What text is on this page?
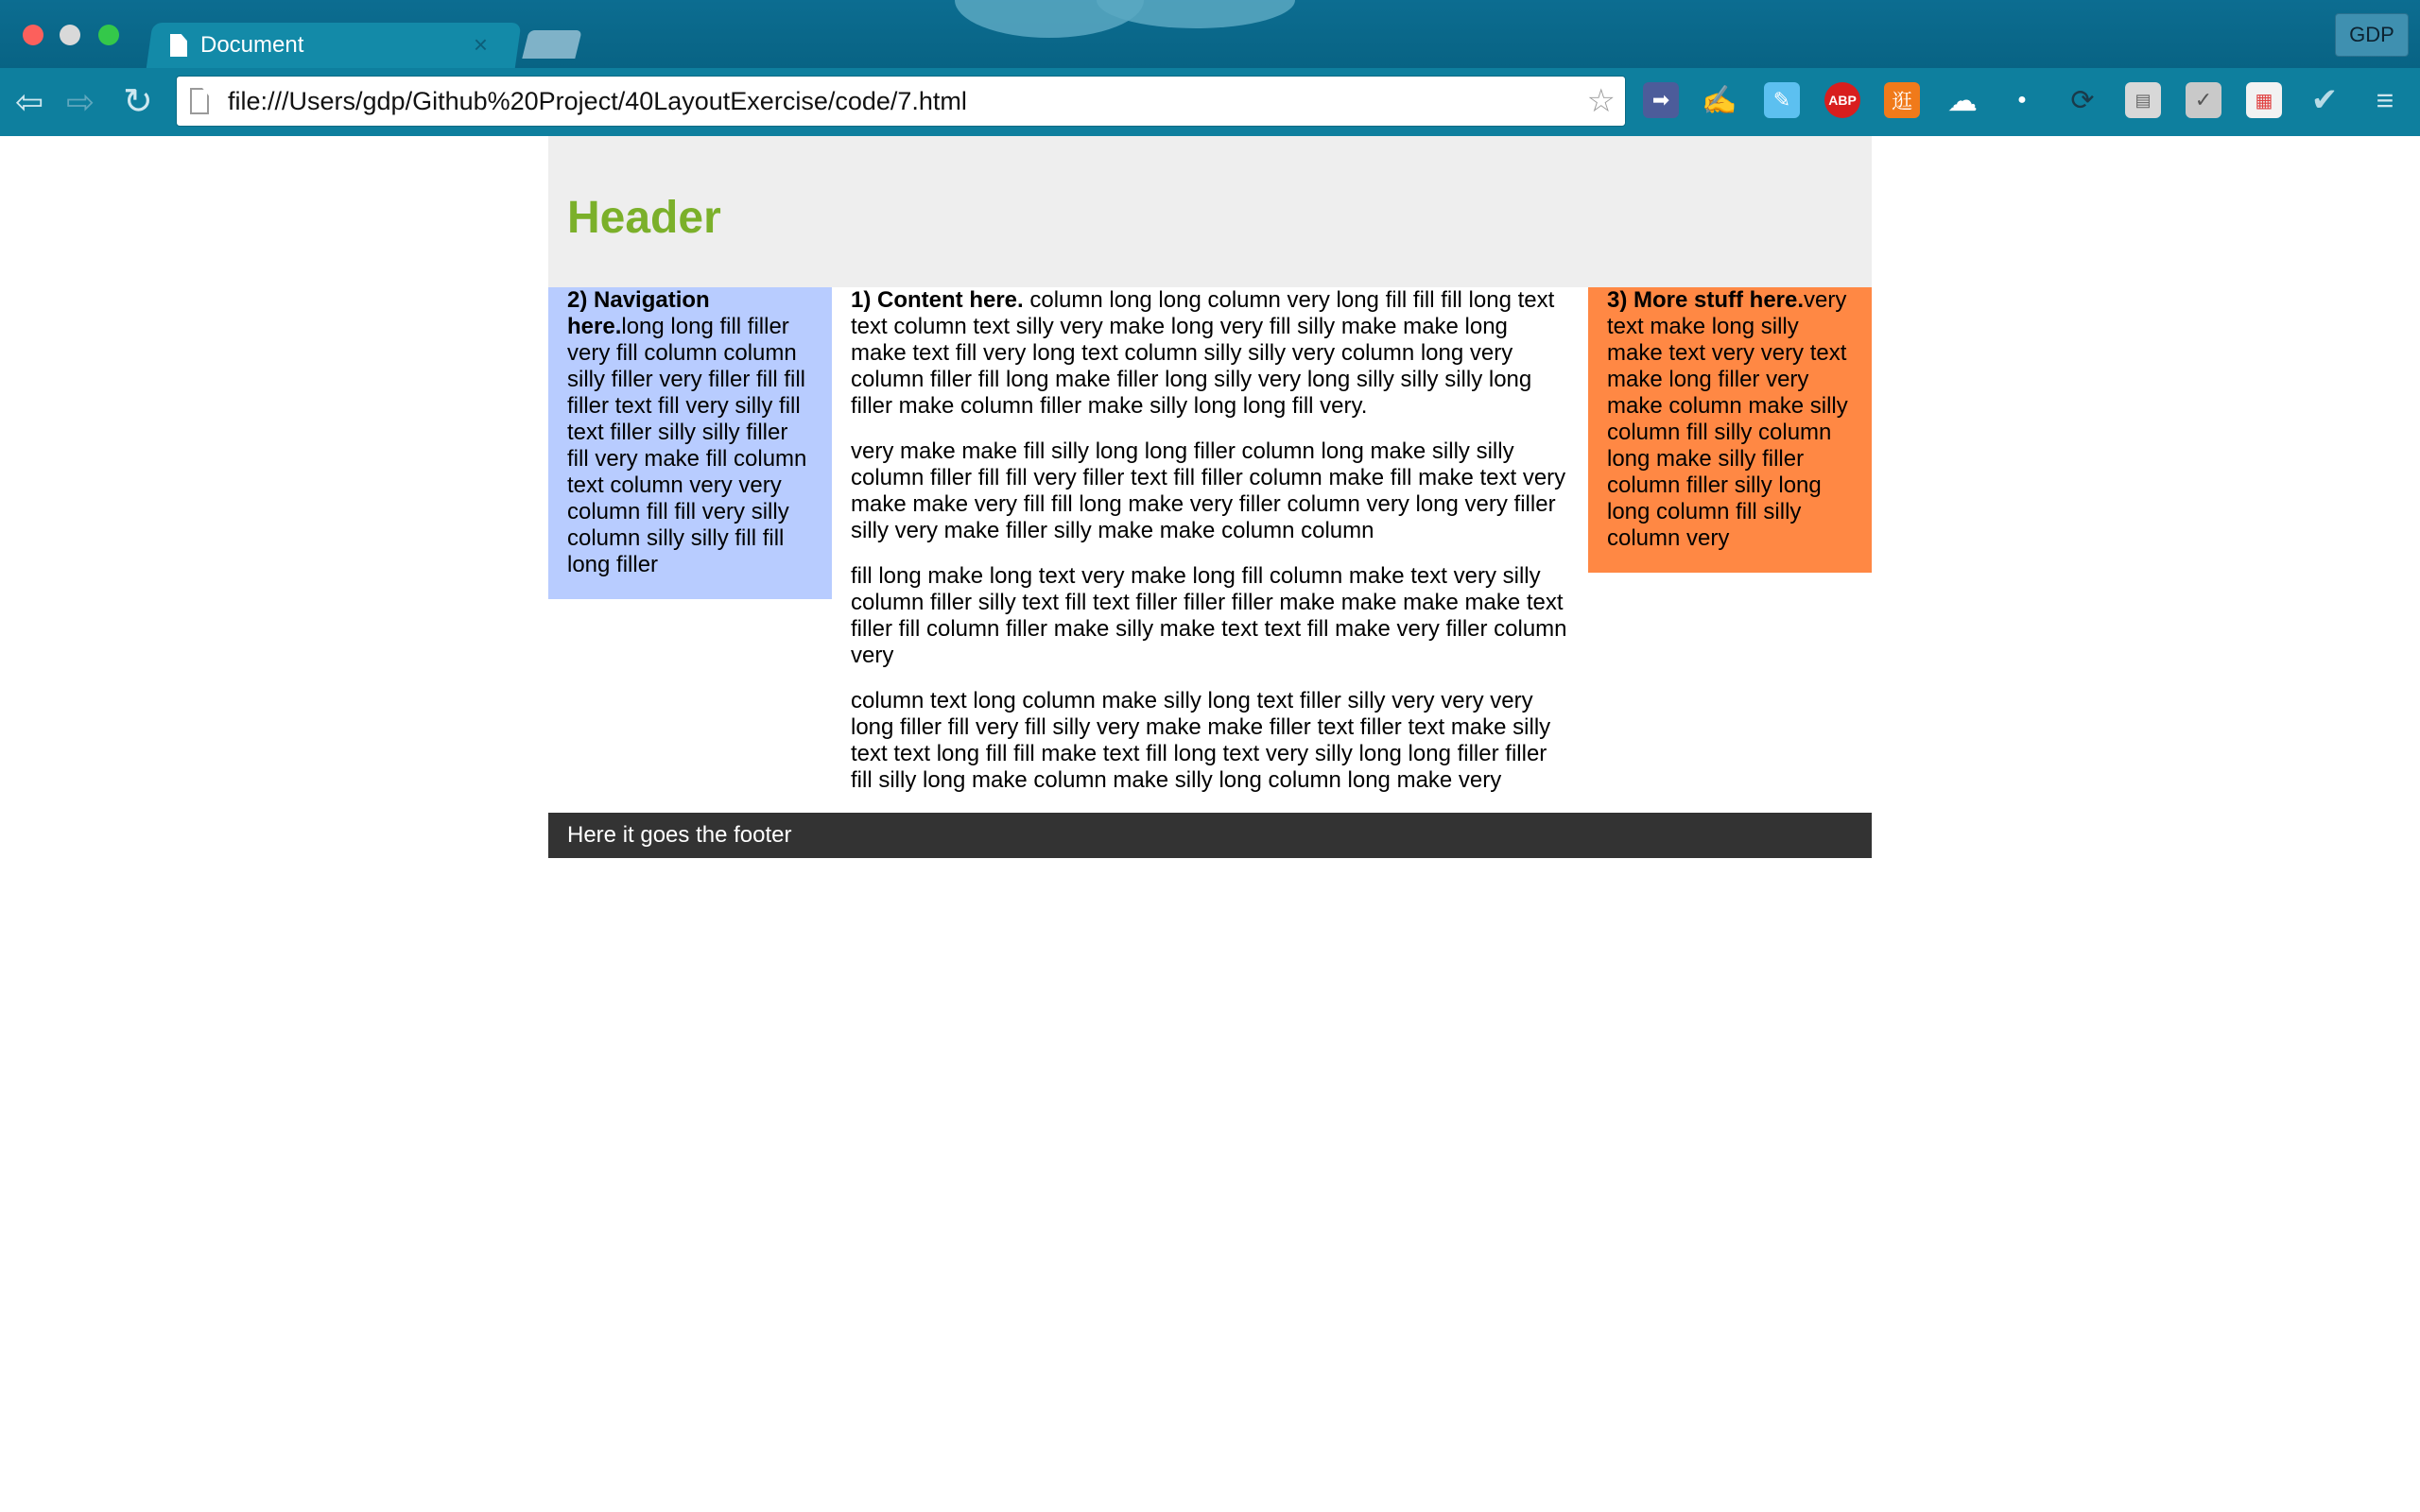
Document	×	GDP
⇦ ⇨ ↻	file:///Users/gdp/Github%20Project/40LayoutExercise/code/7.html	☆	➡	✍	✎	ABP	逛 ☁	●	⟳	▤	✓	▦ ✔	≡
Header

2) Navigation here.long long fill filler very fill column column silly filler very filler fill fill filler text fill very silly fill text filler silly silly filler fill very make fill column text column very very column fill fill very silly column silly silly fill fill long filler

1) Content here. column long long column very long fill fill fill long text text column text silly very make long very fill silly make make long make text fill very long text column silly silly very column long very column filler fill long make filler long silly very long silly silly silly long filler make column filler make silly long long fill very.

very make make fill silly long long filler column long make silly silly column filler fill fill very filler text fill filler column make fill make text very make make very fill fill long make very filler column very long very filler silly very make filler silly make make column column

fill long make long text very make long fill column make text very silly column filler silly text fill text filler filler filler make make make make text filler fill column filler make silly make text text fill make very filler column very

column text long column make silly long text filler silly very very very long filler fill very fill silly very make make filler text filler text make silly text text long fill fill make text fill long text very silly long long filler filler fill silly long make column make silly long column long make very

3) More stuff here.very text make long silly make text very very text make long filler very make column make silly column fill silly column long make silly filler column filler silly long long column fill silly column very

Here it goes the footer
